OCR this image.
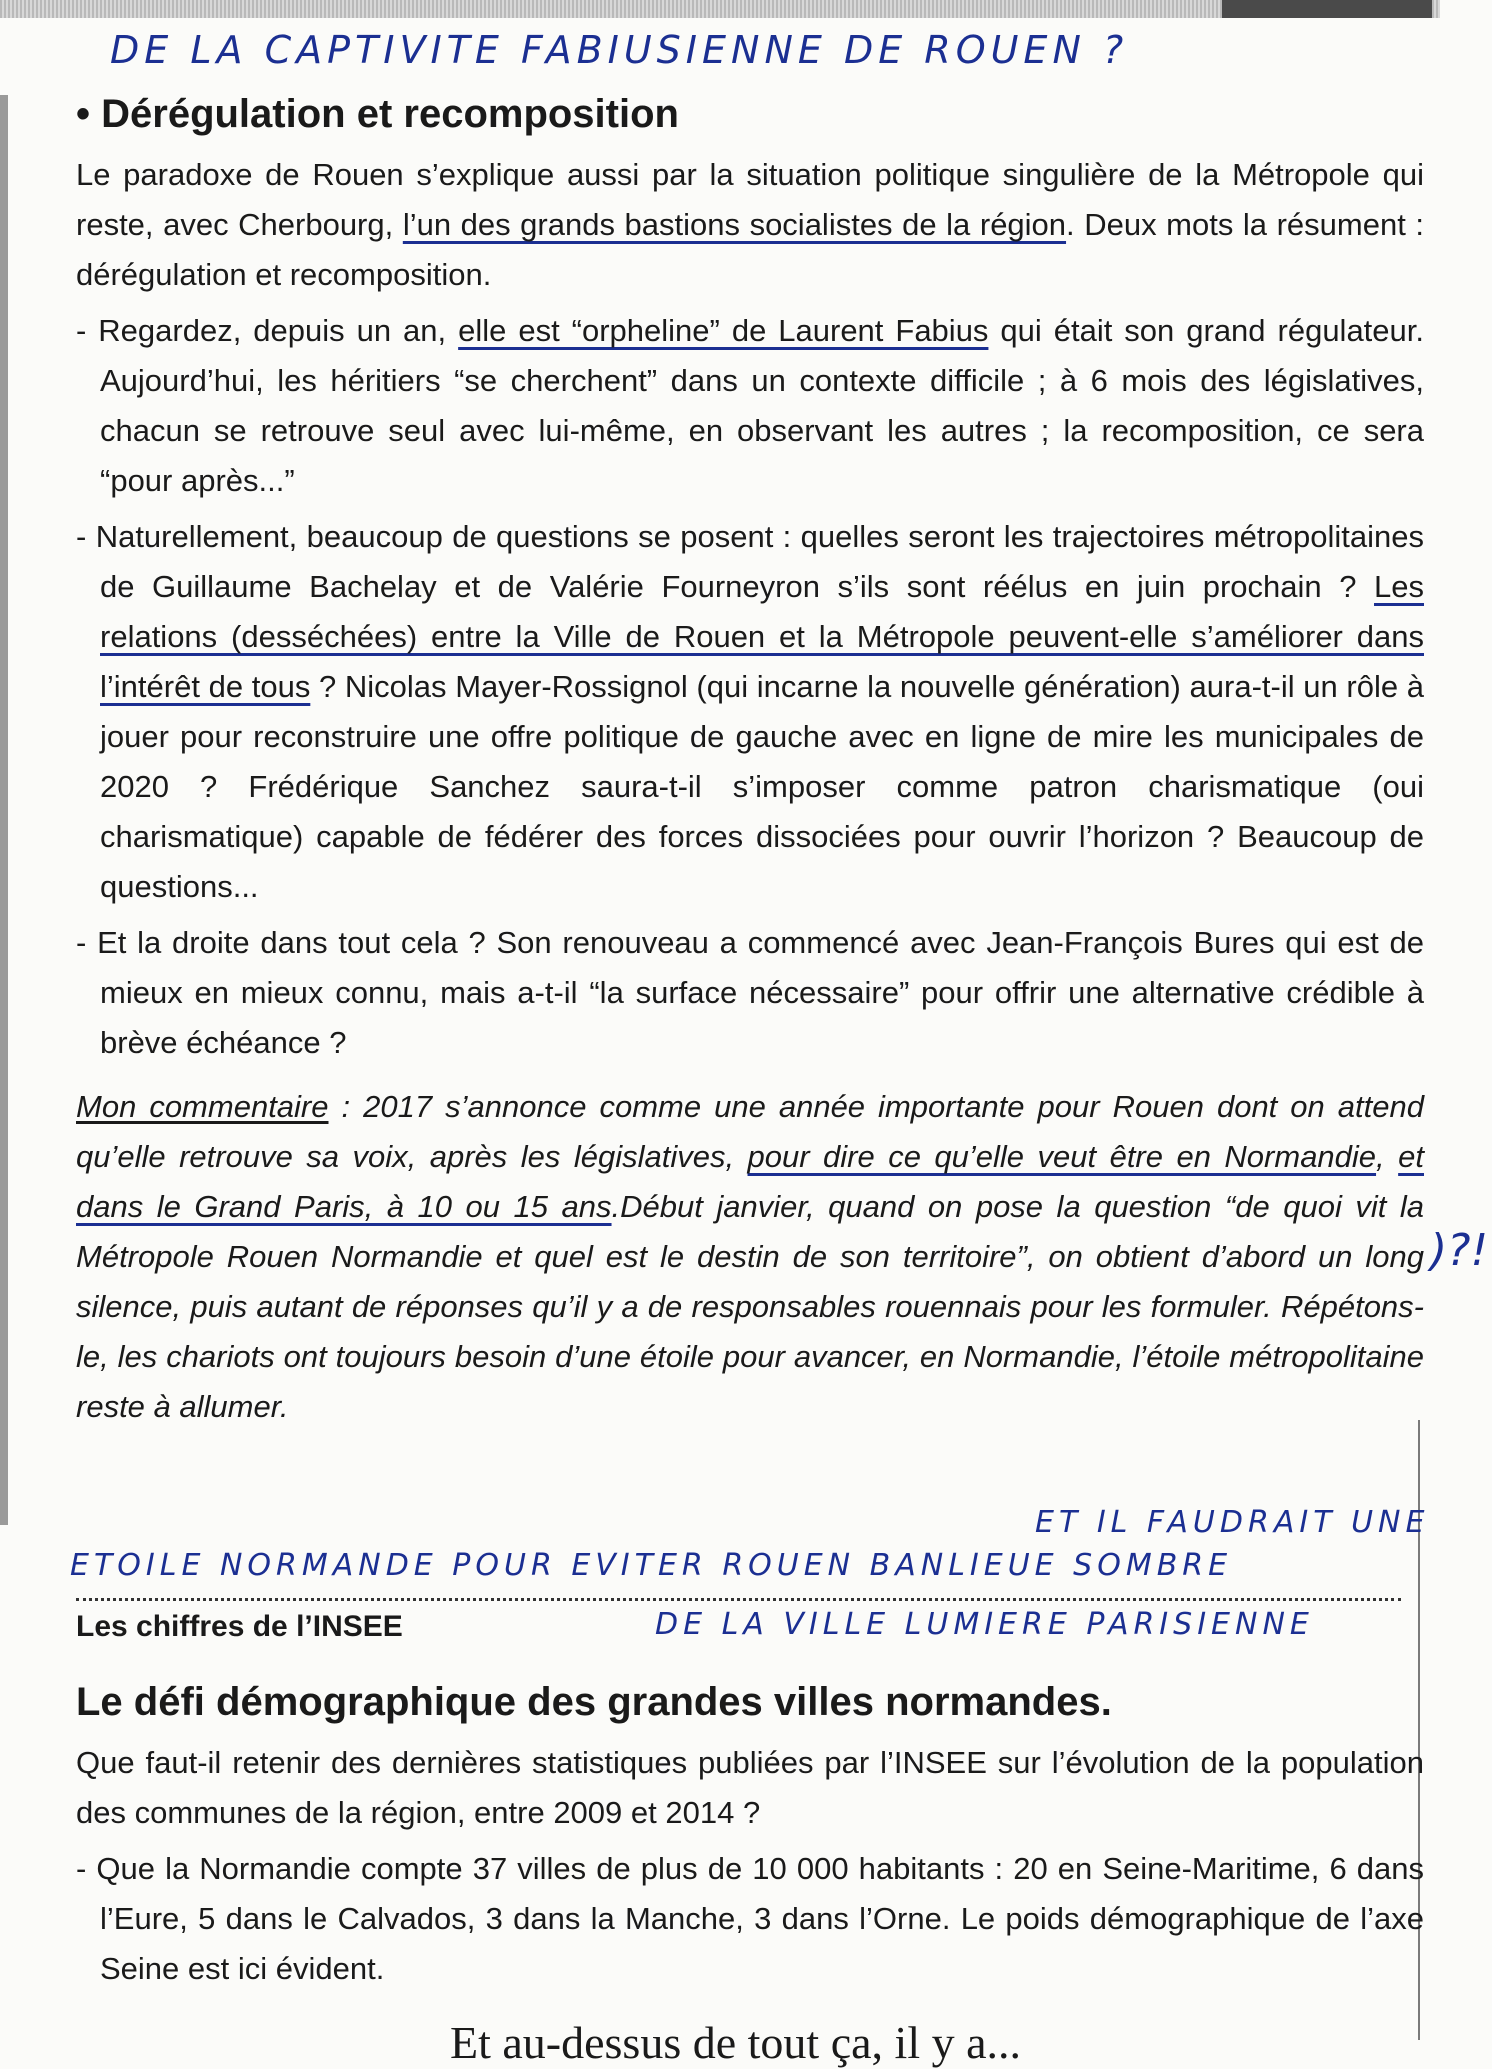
DE LA CAPTIVITE FABIUSIENNE DE ROUEN ?
• Dérégulation et recomposition

Le paradoxe de Rouen s’explique aussi par la situation politique singulière de la Métropole qui reste, avec Cherbourg, l’un des grands bastions socialistes de la région. Deux mots la résument : dérégulation et recomposition.

- Regardez, depuis un an, elle est “orpheline” de Laurent Fabius qui était son grand régulateur. Aujourd’hui, les héritiers “se cherchent” dans un contexte difficile ; à 6 mois des législatives, chacun se retrouve seul avec lui-même, en observant les autres ; la recomposition, ce sera “pour après...”

- Naturellement, beaucoup de questions se posent : quelles seront les trajectoires métropolitaines de Guillaume Bachelay et de Valérie Fourneyron s’ils sont réélus en juin prochain ? Les relations (desséchées) entre la Ville de Rouen et la Métropole peuvent-elle s’améliorer dans l’intérêt de tous ? Nicolas Mayer-Rossignol (qui incarne la nouvelle génération) aura-t-il un rôle à jouer pour reconstruire une offre politique de gauche avec en ligne de mire les municipales de 2020 ? Frédérique Sanchez saura-t-il s’imposer comme patron charismatique (oui charismatique) capable de fédérer des forces dissociées pour ouvrir l’horizon ? Beaucoup de questions...

- Et la droite dans tout cela ? Son renouveau a commencé avec Jean-François Bures qui est de mieux en mieux connu, mais a-t-il “la surface nécessaire” pour offrir une alternative crédible à brève échéance ?

Mon commentaire : 2017 s’annonce comme une année importante pour Rouen dont on attend qu’elle retrouve sa voix, après les législatives, pour dire ce qu’elle veut être en Normandie, et dans le Grand Paris, à 10 ou 15 ans.Début janvier, quand on pose la question “de quoi vit la Métropole Rouen Normandie et quel est le destin de son territoire”, on obtient d’abord un long silence, puis autant de réponses qu’il y a de responsables rouennais pour les formuler. Répétons-le, les chariots ont toujours besoin d’une étoile pour avancer, en Normandie, l’étoile métropolitaine reste à allumer.

)?!
ET IL FAUDRAIT UNE
ETOILE NORMANDE POUR EVITER ROUEN BANLIEUE SOMBRE
Les chiffres de l’INSEE	DE LA VILLE LUMIERE PARISIENNE
Le défi démographique des grandes villes normandes.

Que faut-il retenir des dernières statistiques publiées par l’INSEE sur l’évolution de la population des communes de la région, entre 2009 et 2014 ?

- Que la Normandie compte 37 villes de plus de 10 000 habitants : 20 en Seine-Maritime, 6 dans l’Eure, 5 dans le Calvados, 3 dans la Manche, 3 dans l’Orne. Le poids démographique de l’axe Seine est ici évident.

Et au-dessus de tout ça, il y a...
